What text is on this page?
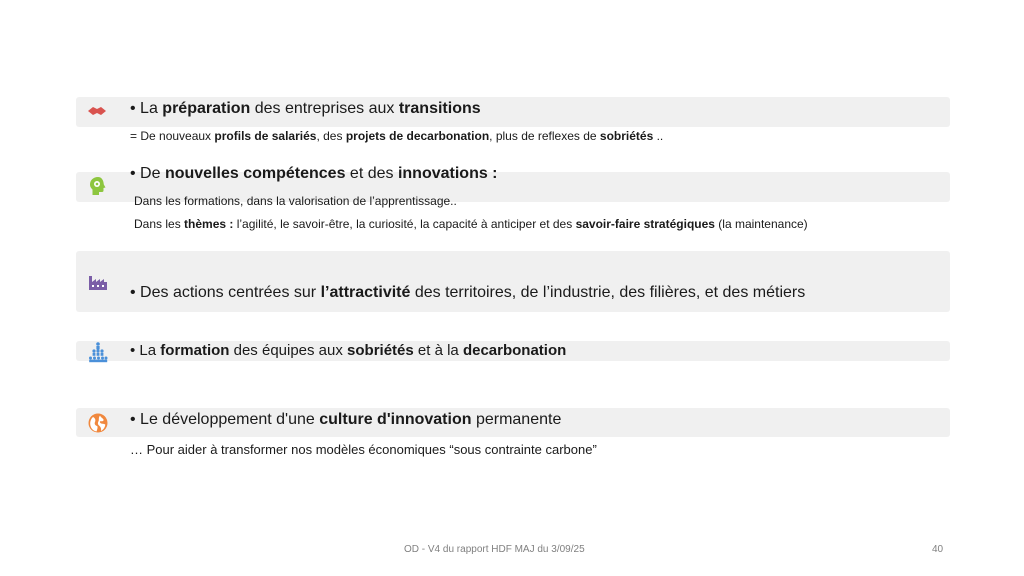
• La préparation des entreprises aux transitions
= De nouveaux profils de salariés, des projets de decarbonation, plus de reflexes de sobriétés ..
• De nouvelles compétences et des innovations :
Dans les formations, dans la valorisation de l’apprentissage..
Dans les thèmes : l’agilité, le savoir-être, la curiosité, la capacité à anticiper et des savoir-faire stratégiques (la maintenance)
• Des actions centrées sur l’attractivité des territoires, de l’industrie, des filières, et des métiers
• La formation des équipes aux sobriétés et à la decarbonation
• Le développement d'une culture d'innovation permanente
… Pour aider à transformer nos modèles économiques “sous contrainte carbone”
OD - V4 du rapport HDF MAJ du 3/09/25	40
